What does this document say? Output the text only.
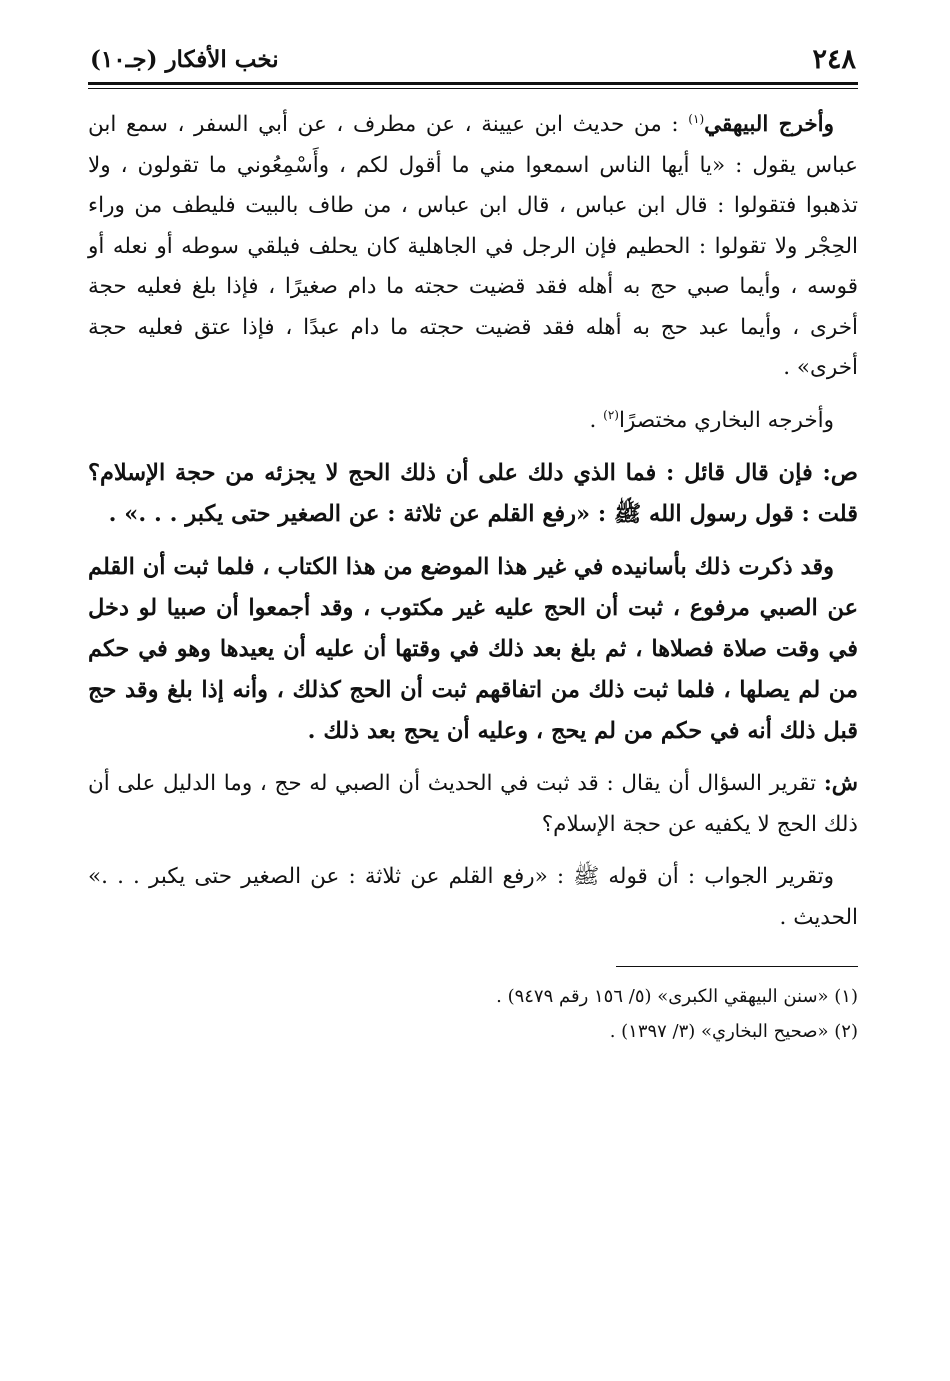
٢٤٨
نخب الأفكار (جـ١٠)

وأخرج البيهقي$^{(١)}$ : من حديث ابن عيينة ، عن مطرف ، عن أبي السفر ، سمع ابن عباس يقول : «يا أيها الناس اسمعوا مني ما أقول لكم ، وأَسْمِعُوني ما تقولون ، ولا تذهبوا فتقولوا : قال ابن عباس ، قال ابن عباس ، من طاف بالبيت فليطف من وراء الحِجْر ولا تقولوا : الحطيم فإن الرجل في الجاهلية كان يحلف فيلقي سوطه أو نعله أو قوسه ، وأيما صبي حج به أهله فقد قضيت حجته ما دام صغيرًا ، فإذا بلغ فعليه حجة أخرى ، وأيما عبد حج به أهله فقد قضيت حجته ما دام عبدًا ، فإذا عتق فعليه حجة أخرى» .

وأخرجه البخاري مختصرًا$^{(٢)}$ .

ص: فإن قال قائل : فما الذي دلك على أن ذلك الحج لا يجزئه من حجة الإسلام؟ قلت : قول رسول الله ﷺ : «رفع القلم عن ثلاثة : عن الصغير حتى يكبر . . .» .

وقد ذكرت ذلك بأسانيده في غير هذا الموضع من هذا الكتاب ، فلما ثبت أن القلم عن الصبي مرفوع ، ثبت أن الحج عليه غير مكتوب ، وقد أجمعوا أن صبيا لو دخل في وقت صلاة فصلاها ، ثم بلغ بعد ذلك في وقتها أن عليه أن يعيدها وهو في حكم من لم يصلها ، فلما ثبت ذلك من اتفاقهم ثبت أن الحج كذلك ، وأنه إذا بلغ وقد حج قبل ذلك أنه في حكم من لم يحج ، وعليه أن يحج بعد ذلك .

ش: تقرير السؤال أن يقال : قد ثبت في الحديث أن الصبي له حج ، وما الدليل على أن ذلك الحج لا يكفيه عن حجة الإسلام؟

وتقرير الجواب : أن قوله ﷺ : «رفع القلم عن ثلاثة : عن الصغير حتى يكبر . . .» الحديث .

(١) «سنن البيهقي الكبرى» (٥/ ١٥٦ رقم ٩٤٧٩) .

(٢) «صحيح البخاري» (٣/ ١٣٩٧) .
